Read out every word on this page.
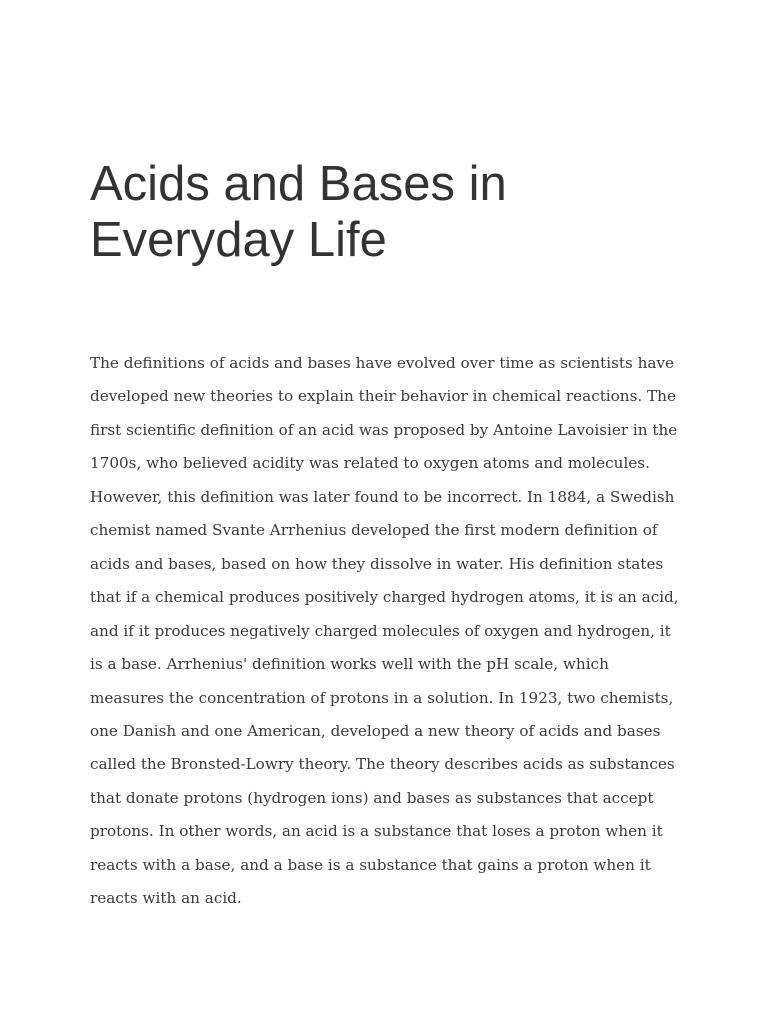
Acids and Bases in Everyday Life

The definitions of acids and bases have evolved over time as scientists have developed new theories to explain their behavior in chemical reactions. The first scientific definition of an acid was proposed by Antoine Lavoisier in the 1700s, who believed acidity was related to oxygen atoms and molecules. However, this definition was later found to be incorrect. In 1884, a Swedish chemist named Svante Arrhenius developed the first modern definition of acids and bases, based on how they dissolve in water. His definition states that if a chemical produces positively charged hydrogen atoms, it is an acid, and if it produces negatively charged molecules of oxygen and hydrogen, it is a base. Arrhenius' definition works well with the pH scale, which measures the concentration of protons in a solution. In 1923, two chemists, one Danish and one American, developed a new theory of acids and bases called the Bronsted-Lowry theory. The theory describes acids as substances that donate protons (hydrogen ions) and bases as substances that accept protons. In other words, an acid is a substance that loses a proton when it reacts with a base, and a base is a substance that gains a proton when it reacts with an acid.
